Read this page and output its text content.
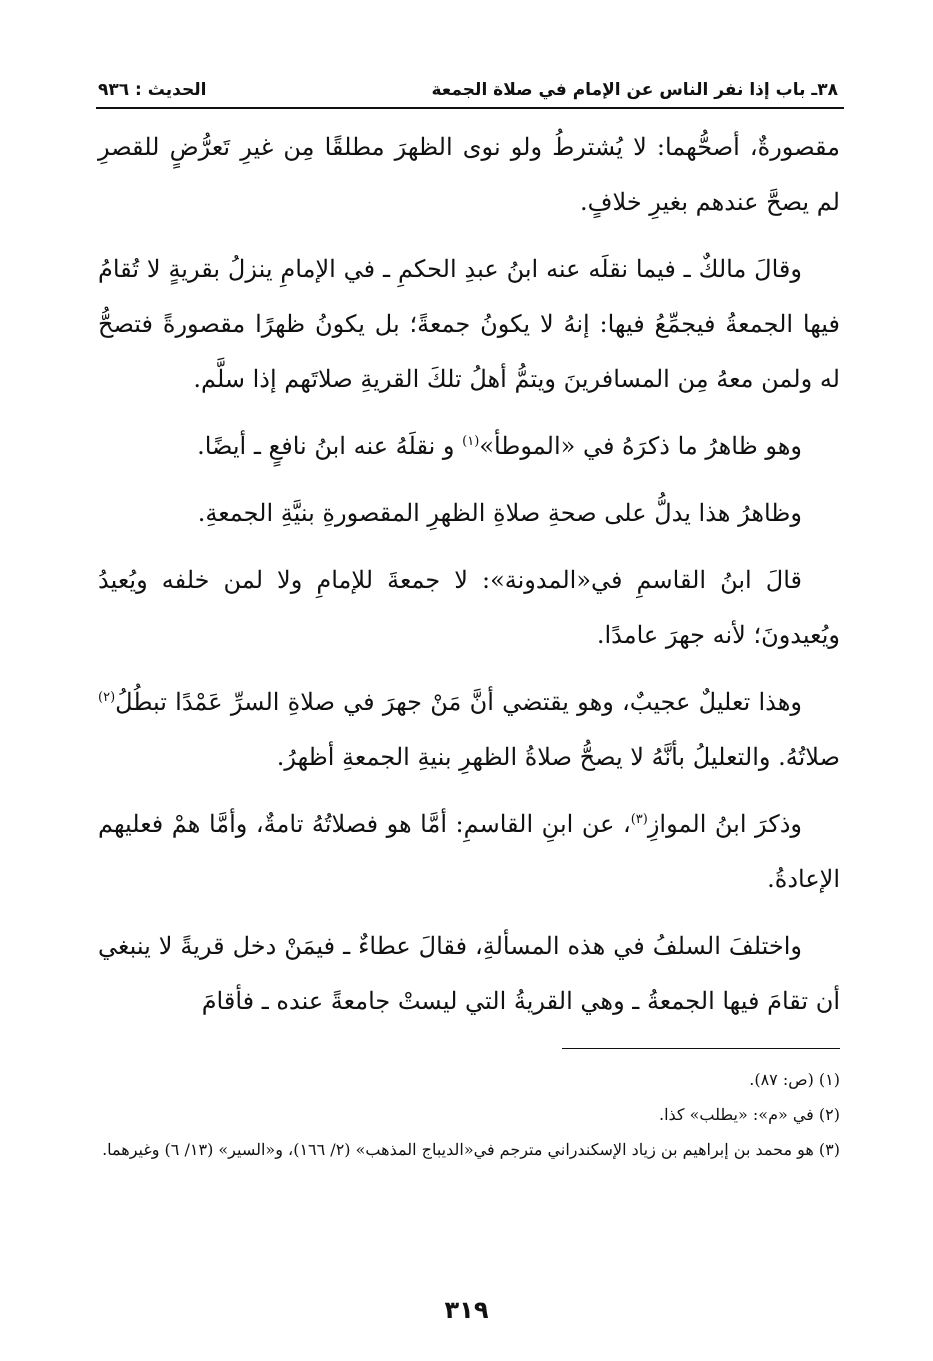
٣٨ـ باب إذا نفر الناس عن الإمام في صلاة الجمعة
الحديث : ٩٣٦

مقصورةٌ، أصحُّهما: لا يُشترطُ ولو نوى الظهرَ مطلقًا مِن غيرِ تَعرُّضٍ للقصرِ لم يصحَّ عندهم بغيرِ خلافٍ.

وقالَ مالكٌ ـ فيما نقلَه عنه ابنُ عبدِ الحكمِ ـ في الإمامِ ينزلُ بقريةٍ لا تُقامُ فيها الجمعةُ فيجمِّعُ فيها: إنهُ لا يكونُ جمعةً؛ بل يكونُ ظهرًا مقصورةً فتصحُّ له ولمن معهُ مِن المسافرينَ ويتمُّ أهلُ تلكَ القريةِ صلاتَهم إذا سلَّم.

وهو ظاهرُ ما ذكرَهُ في «الموطأ»$^{(١)}$ و نقلَهُ عنه ابنُ نافعٍ ـ أيضًا.

وظاهرُ هذا يدلُّ على صحةِ صلاةِ الظهرِ المقصورةِ بنيَّةِ الجمعةِ.

قالَ ابنُ القاسمِ في«المدونة»: لا جمعةَ للإمامِ ولا لمن خلفه ويُعيدُ ويُعيدونَ؛ لأنه جهرَ عامدًا.

وهذا تعليلٌ عجيبٌ، وهو يقتضي أنَّ مَنْ جهرَ في صلاةِ السرِّ عَمْدًا تبطُلُ$^{(٢)}$ صلاتُهُ. والتعليلُ بأنَّهُ لا يصحُّ صلاةُ الظهرِ بنيةِ الجمعةِ أظهرُ.

وذكرَ ابنُ الموازِ$^{(٣)}$، عن ابنِ القاسمِ: أمَّا هو فصلاتُهُ تامةٌ، وأمَّا همْ فعليهم الإعادةُ.

واختلفَ السلفُ في هذه المسألةِ، فقالَ عطاءٌ ـ فيمَنْ دخل قريةً لا ينبغي أن تقامَ فيها الجمعةُ ـ وهي القريةُ التي ليستْ جامعةً عنده ـ فأقامَ

(١) (ص: ٨٧).

(٢) في «م»: «يطلب» كذا.

(٣) هو محمد بن إبراهيم بن زياد الإسكندراني مترجم في«الديباج المذهب» (٢/ ١٦٦)، و«السير» (١٣/ ٦) وغيرهما.

٣١٩
